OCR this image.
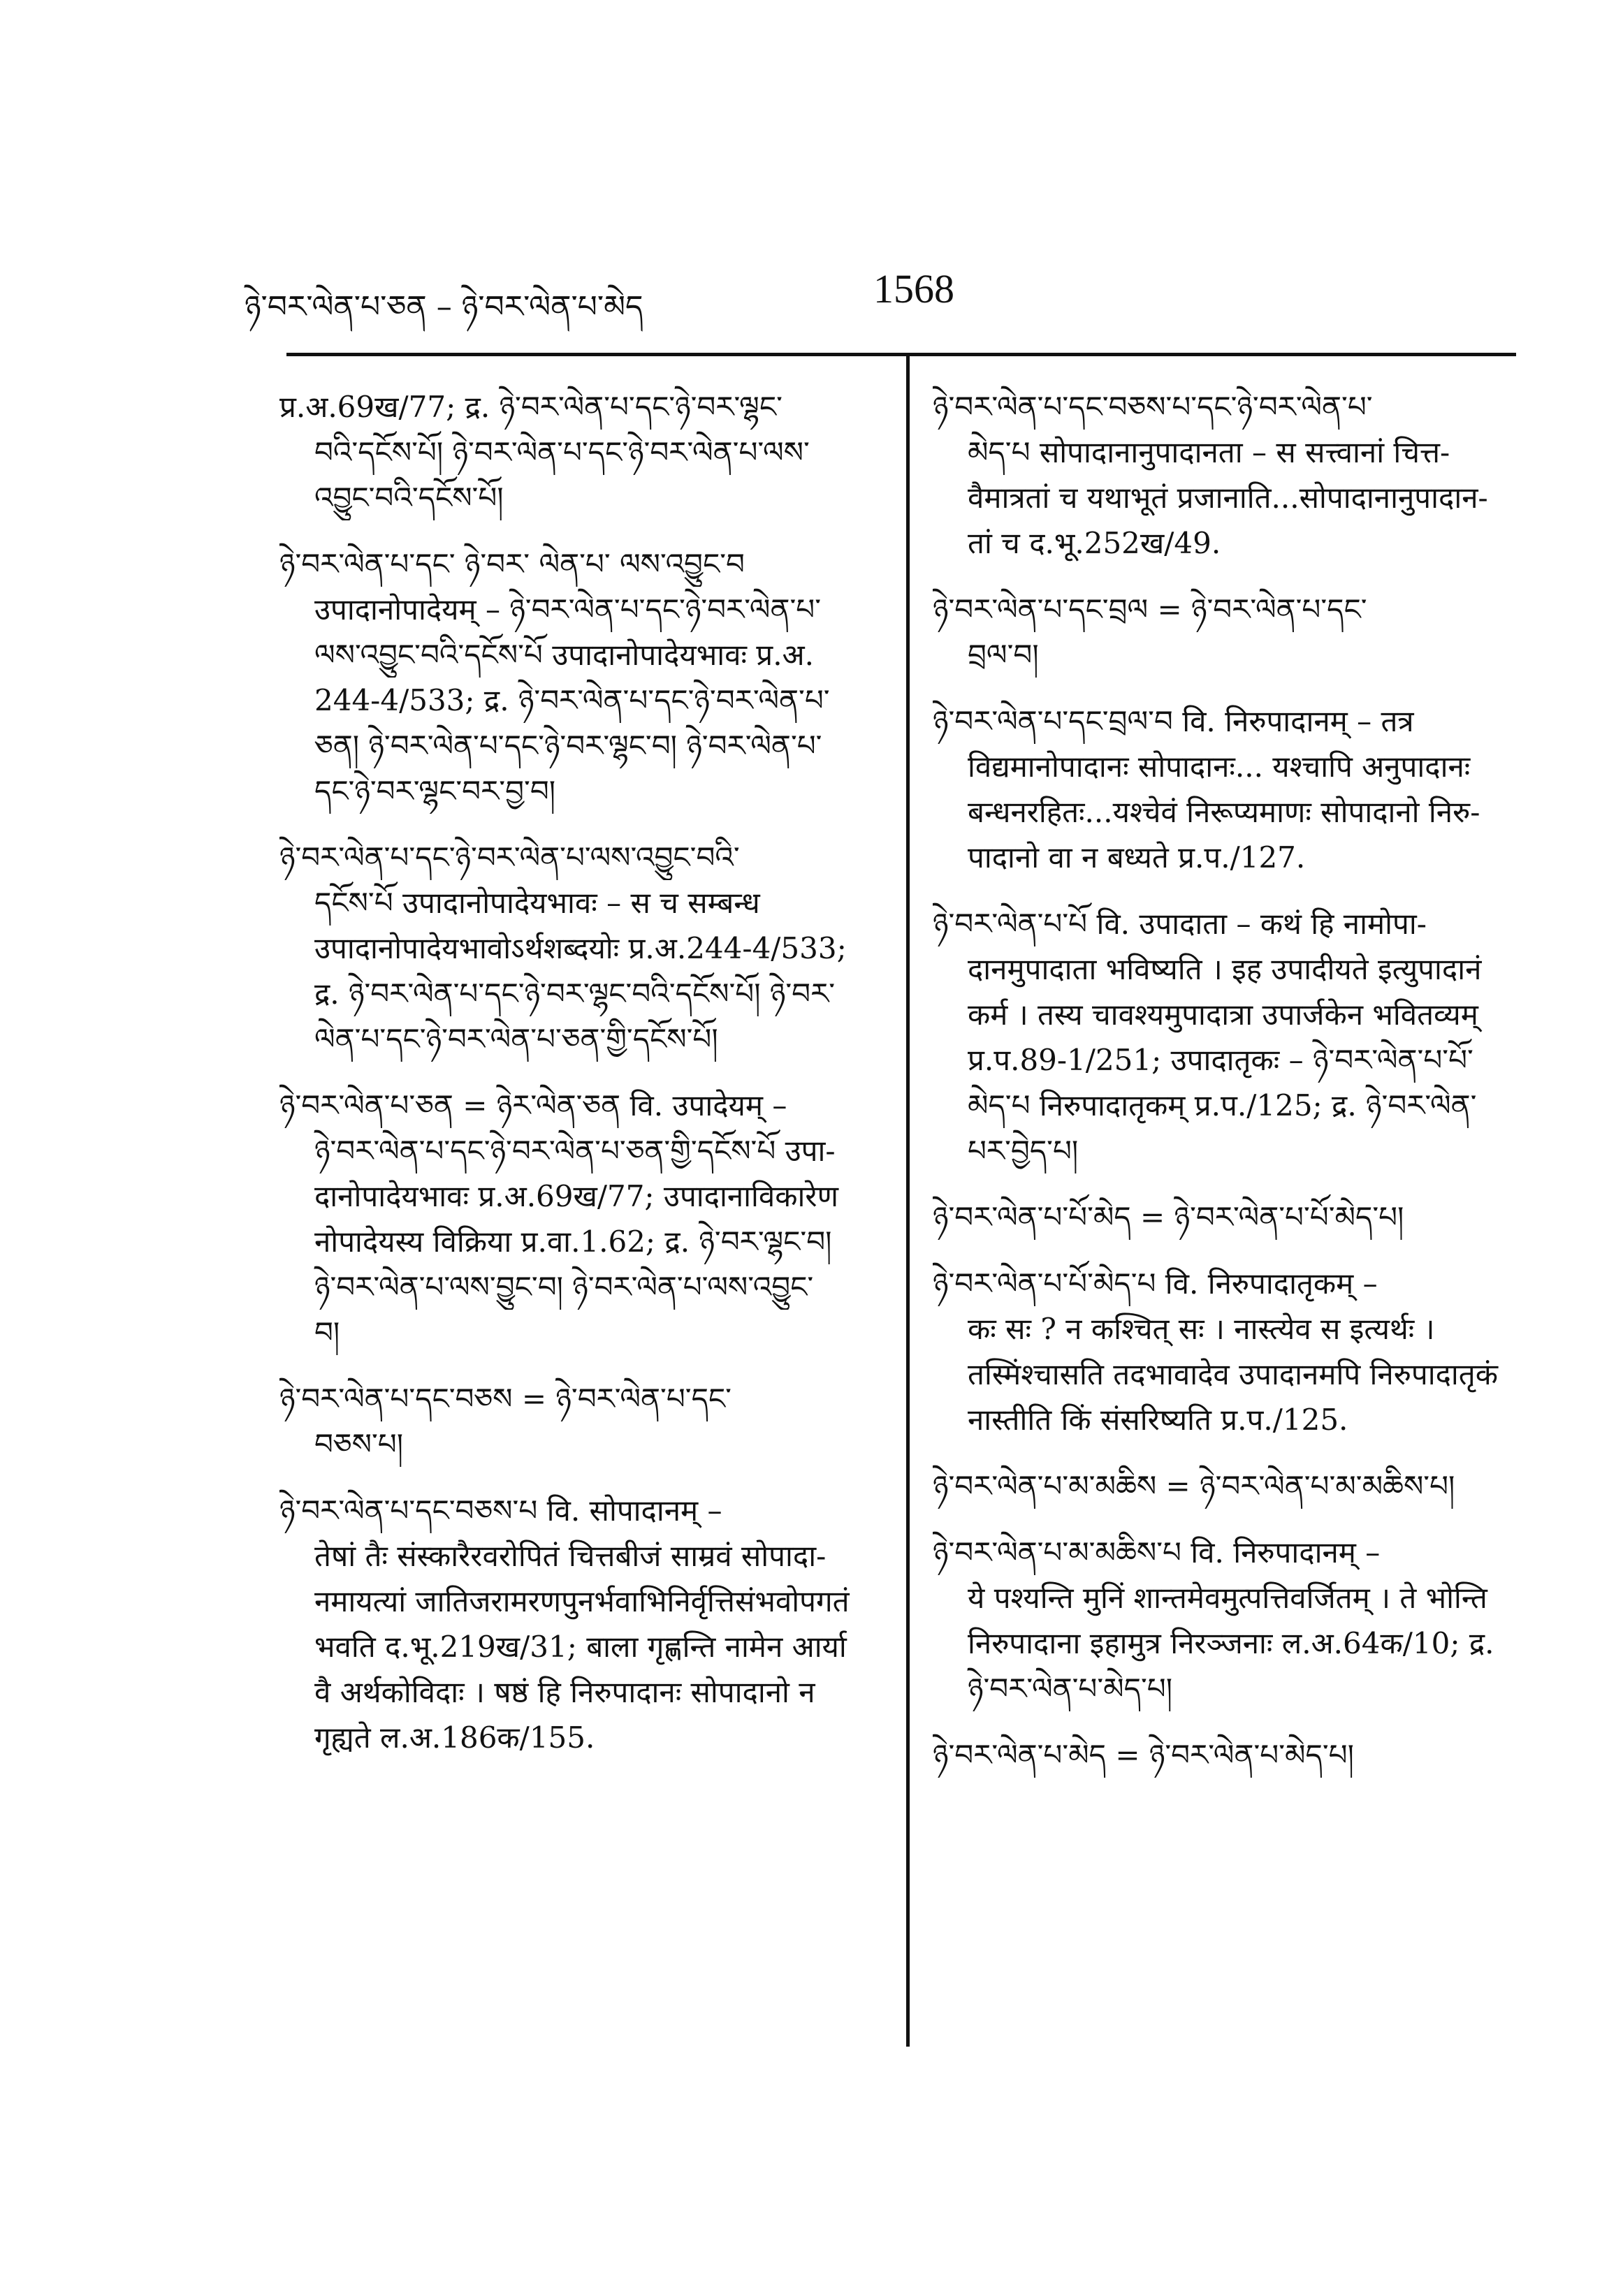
ཉེ་བར་ལེན་པ་ཅན – ཉེ་བར་ལེན་པ་མེད	1568
प्र.अ.69ख/77; द्र. ཉེ་བར་ལེན་པ་དང་ཉེ་བར་ལྷང་
བའི་དངོས་པོ། ཉེ་བར་ལེན་པ་དང་ཉེ་བར་ལེན་པ་ལས་
འབྱུང་བའི་དངོས་པོ།
ཉེ་བར་ལེན་པ་དང་ ཉེ་བར་ ལེན་པ་ ལས་འབྱུང་བ
उपादानोपादेयम् – ཉེ་བར་ལེན་པ་དང་ཉེ་བར་ལེན་པ་
ལས་འབྱུང་བའི་དངོས་པོ उपादानोपादेयभावः प्र.अ.
244-4/533; द्र. ཉེ་བར་ལེན་པ་དང་ཉེ་བར་ལེན་པ་
ཅན། ཉེ་བར་ལེན་པ་དང་ཉེ་བར་ལྷང་བ། ཉེ་བར་ལེན་པ་
དང་ཉེ་བར་ལྷང་བར་བྱ་བ།
ཉེ་བར་ལེན་པ་དང་ཉེ་བར་ལེན་པ་ལས་འབྱུང་བའི་
དངོས་པོ उपादानोपादेयभावः – स च सम्बन्ध
उपादानोपादेयभावोऽर्थशब्दयोः प्र.अ.244-4/533;
द्र. ཉེ་བར་ལེན་པ་དང་ཉེ་བར་ལྷང་བའི་དངོས་པོ། ཉེ་བར་
ལེན་པ་དང་ཉེ་བར་ལེན་པ་ཅན་གྱི་དངོས་པོ།
ཉེ་བར་ལེན་པ་ཅན = ཉེར་ལེན་ཅན वि. उपादेयम् –
ཉེ་བར་ལེན་པ་དང་ཉེ་བར་ལེན་པ་ཅན་གྱི་དངོས་པོ उपा-
दानोपादेयभावः प्र.अ.69ख/77; उपादानाविकारेण
नोपादेयस्य विक्रिया प्र.वा.1.62; द्र. ཉེ་བར་ལྷང་བ།
ཉེ་བར་ལེན་པ་ལས་བྱུང་བ། ཉེ་བར་ལེན་པ་ལས་འབྱུང་
བ།
ཉེ་བར་ལེན་པ་དང་བཅས = ཉེ་བར་ལེན་པ་དང་
བཅས་པ།
ཉེ་བར་ལེན་པ་དང་བཅས་པ वि. सोपादानम् –
तेषां तैः संस्कारैरवरोपितं चित्तबीजं साम्रवं सोपादा-
नमायत्यां जातिजरामरणपुनर्भवाभिनिर्वृत्तिसंभवोपगतं
भवति द.भू.219ख/31; बाला गृह्णन्ति नामेन आर्या
वै अर्थकोविदाः । षष्ठं हि निरुपादानः सोपादानो न
गृह्यते ल.अ.186क/155.
ཉེ་བར་ལེན་པ་དང་བཅས་པ་དང་ཉེ་བར་ལེན་པ་
མེད་པ सोपादानानुपादानता – स सत्त्वानां चित्त-
वैमात्रतां च यथाभूतं प्रजानाति...सोपादानानुपादान-
तां च द.भू.252ख/49.
ཉེ་བར་ལེན་པ་དང་བྲལ = ཉེ་བར་ལེན་པ་དང་
བྲལ་བ།
ཉེ་བར་ལེན་པ་དང་བྲལ་བ वि. निरुपादानम् – तत्र
विद्यमानोपादानः सोपादानः... यश्चापि अनुपादानः
बन्धनरहितः...यश्चेवं निरूप्यमाणः सोपादानो निरु-
पादानो वा न बध्यते प्र.प./127.
ཉེ་བར་ལེན་པ་པོ वि. उपादाता – कथं हि नामोपा-
दानमुपादाता भविष्यति । इह उपादीयते इत्युपादानं
कर्म । तस्य चावश्यमुपादात्रा उपार्जकेन भवितव्यम्
प्र.प.89-1/251; उपादातृकः – ཉེ་བར་ལེན་པ་པོ་
མེད་པ निरुपादातृकम् प्र.प./125; द्र. ཉེ་བར་ལེན་
པར་བྱེད་པ།
ཉེ་བར་ལེན་པ་པོ་མེད = ཉེ་བར་ལེན་པ་པོ་མེད་པ།
ཉེ་བར་ལེན་པ་པོ་མེད་པ वि. निरुपादातृकम् –
कः सः ? न कश्चित् सः । नास्त्येव स इत्यर्थः ।
तस्मिंश्चासति तदभावादेव उपादानमपि निरुपादातृकं
नास्तीति किं संसरिष्यति प्र.प./125.
ཉེ་བར་ལེན་པ་མ་མཆིས = ཉེ་བར་ལེན་པ་མ་མཆིས་པ།
ཉེ་བར་ལེན་པ་མ་མཆིས་པ वि. निरुपादानम् –
ये पश्यन्ति मुनिं शान्तमेवमुत्पत्तिवर्जितम् । ते भोन्ति
निरुपादाना इहामुत्र निरञ्जनाः ल.अ.64क/10; द्र.
ཉེ་བར་ལེན་པ་མེད་པ།
ཉེ་བར་ལེན་པ་མེད = ཉེ་བར་ལེན་པ་མེད་པ།
